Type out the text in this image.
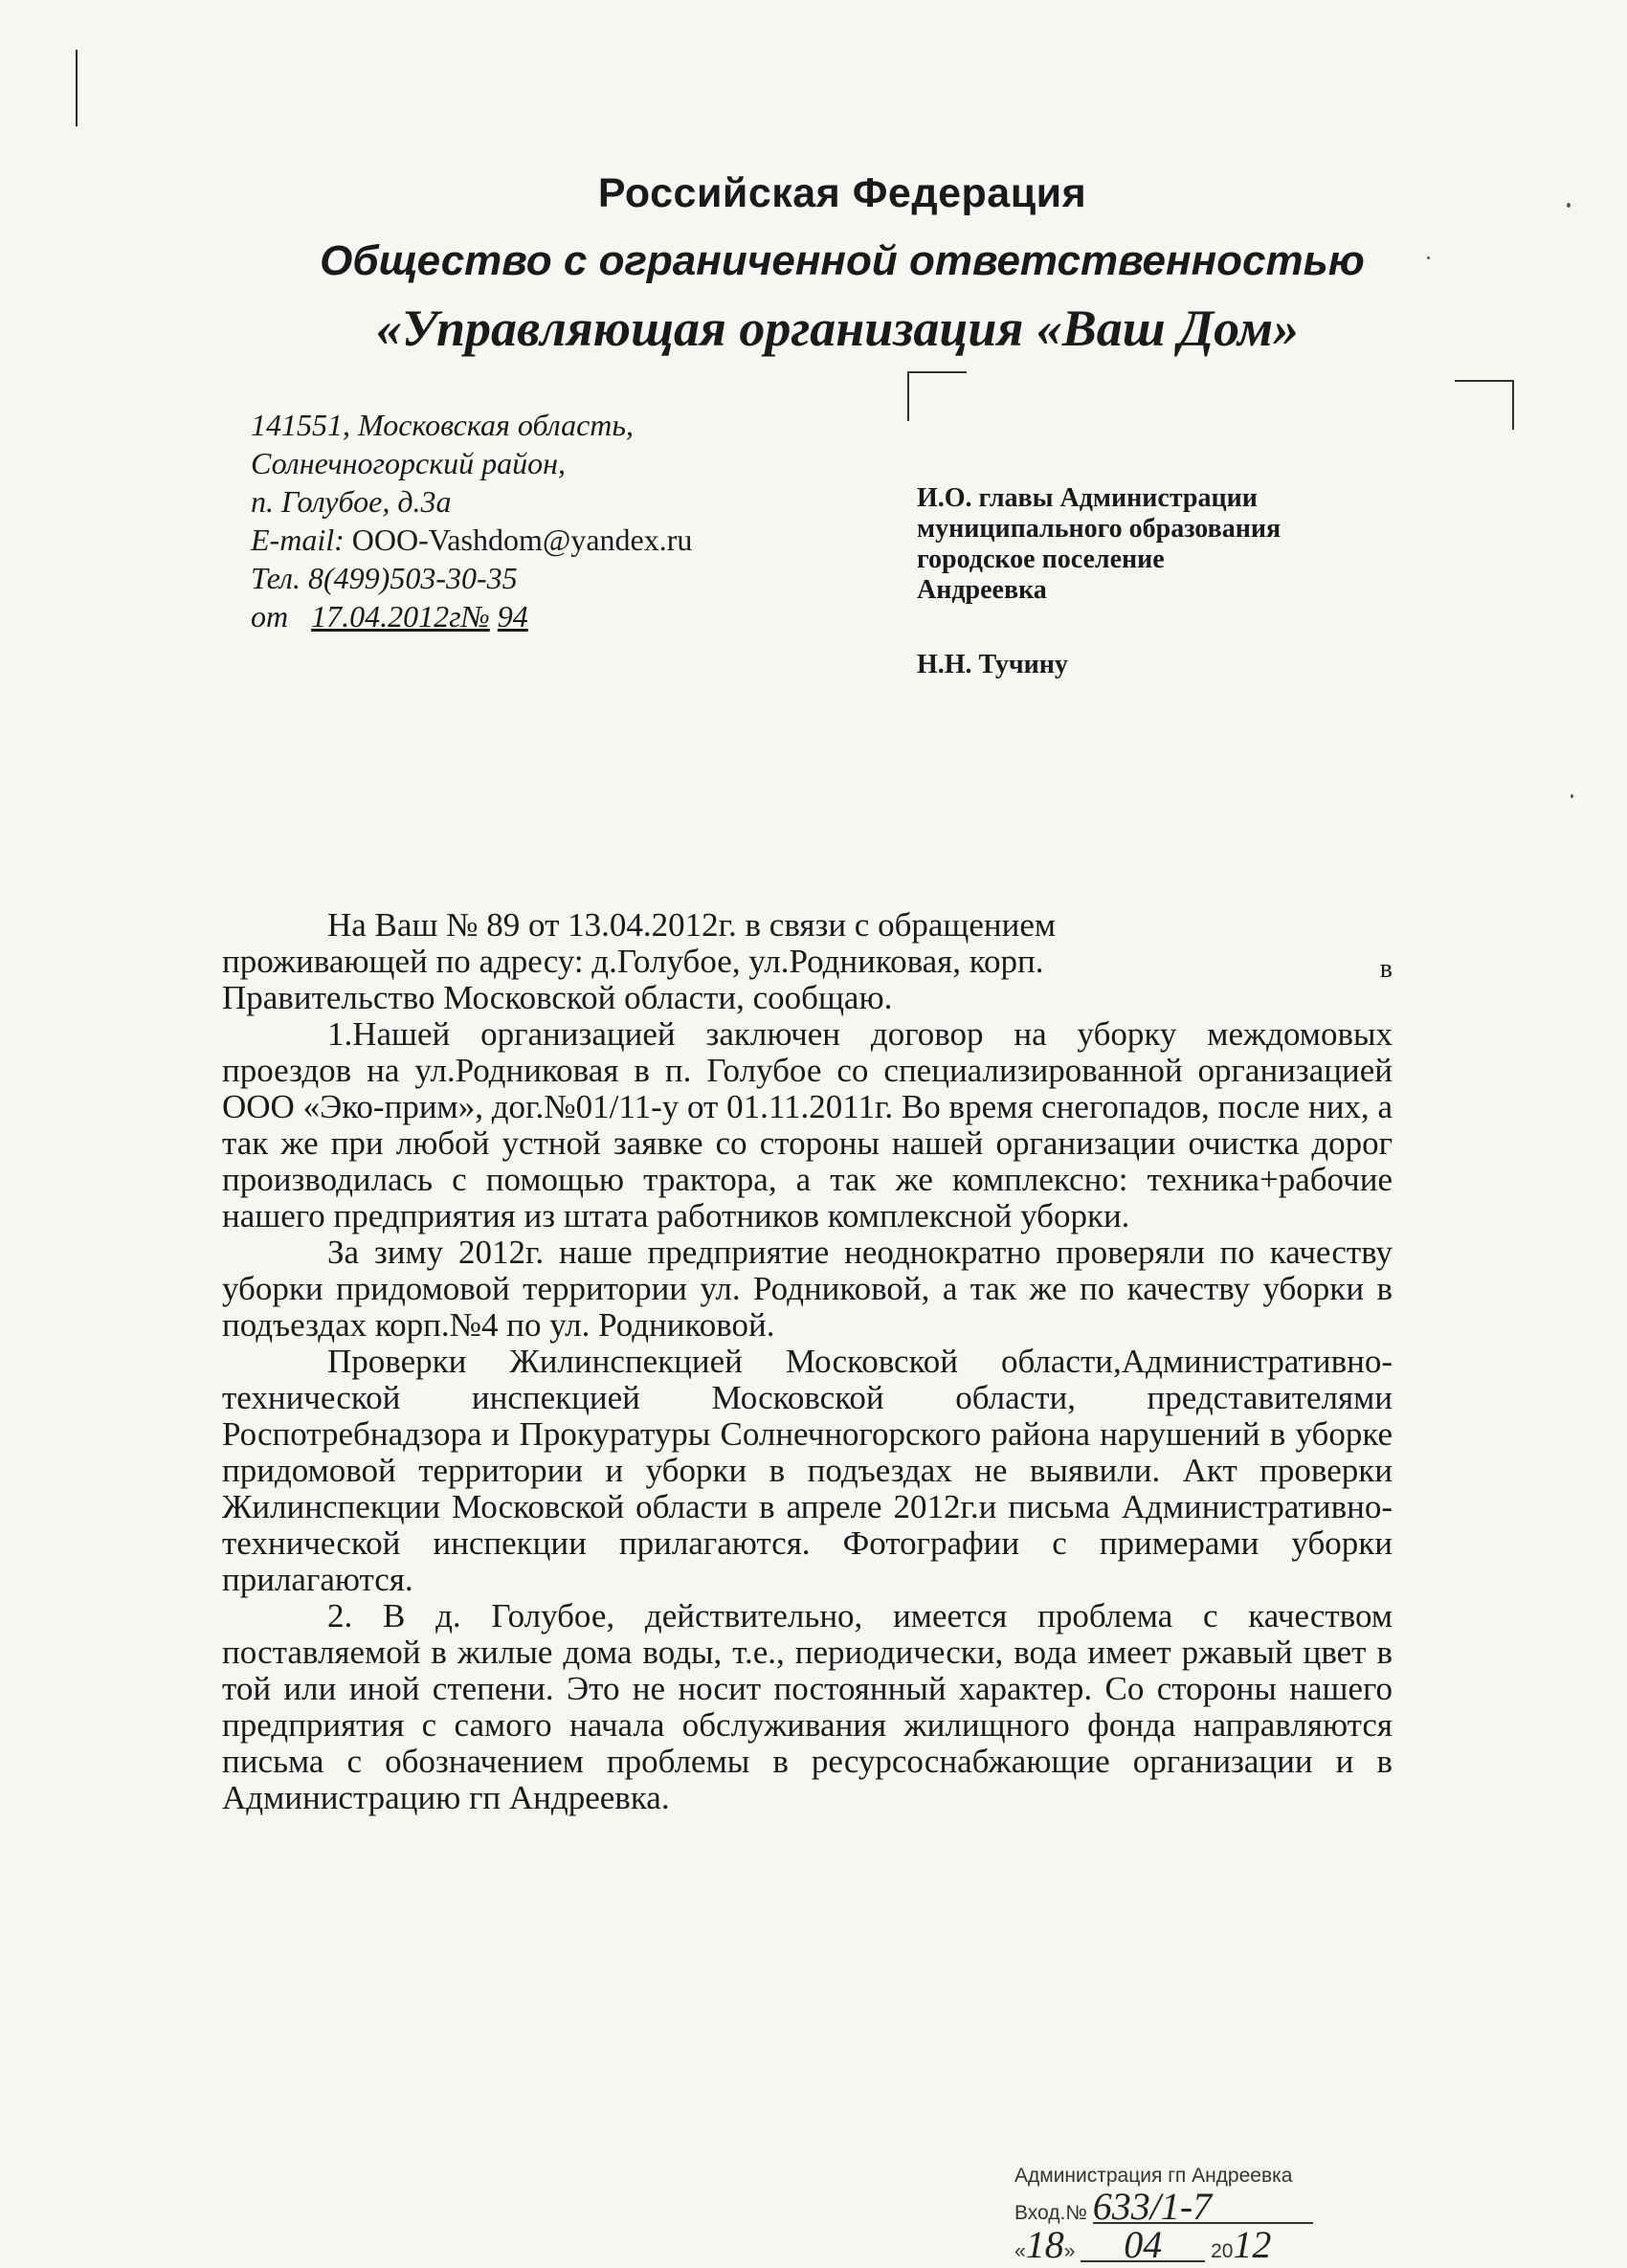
Российская Федерация
Общество с ограниченной ответственностью
«Управляющая организация «Ваш Дом»
141551, Московская область,
Солнечногорский район,
п. Голубое, д.3а
E-mail: OOO-Vashdom@yandex.ru
Тел. 8(499)503-30-35
от 17.04.2012г№ 94
И.О. главы Администрации
муниципального образования
городское поселение
Андреевка
Н.Н. Тучину

На Ваш № 89 от 13.04.2012г. в связи с обращением

проживающей по адресу: д.Голубое, ул.Родниковая, корп.	в

Правительство Московской области, сообщаю.

1.Нашей организацией заключен договор на уборку междомовых проездов на ул.Родниковая в п. Голубое со специализированной организацией ООО «Эко-прим», дог.№01/11-у от 01.11.2011г. Во время снегопадов, после них, а так же при любой устной заявке со стороны нашей организации очистка дорог производилась с помощью трактора, а так же комплексно: техника+рабочие нашего предприятия из штата работников комплексной уборки.

За зиму 2012г. наше предприятие неоднократно проверяли по качеству уборки придомовой территории ул. Родниковой, а так же по качеству уборки в подъездах корп.№4 по ул. Родниковой.

Проверки Жилинспекцией Московской области,Административно-технической инспекцией Московской области, представителями Роспотребнадзора и Прокуратуры Солнечногорского района нарушений в уборке придомовой территории и уборки в подъездах не выявили. Акт проверки Жилинспекции Московской области в апреле 2012г.и письма Административно-технической инспекции прилагаются. Фотографии с примерами уборки прилагаются.

2. В д. Голубое, действительно, имеется проблема с качеством поставляемой в жилые дома воды, т.е., периодически, вода имеет ржавый цвет в той или иной степени. Это не носит постоянный характер. Со стороны нашего предприятия с самого начала обслуживания жилищного фонда направляются письма с обозначением проблемы в ресурсоснабжающие организации и в Администрацию гп Андреевка.

Администрация гп Андреевка
Вход.№ 633/1-7
«18» 04 2012
